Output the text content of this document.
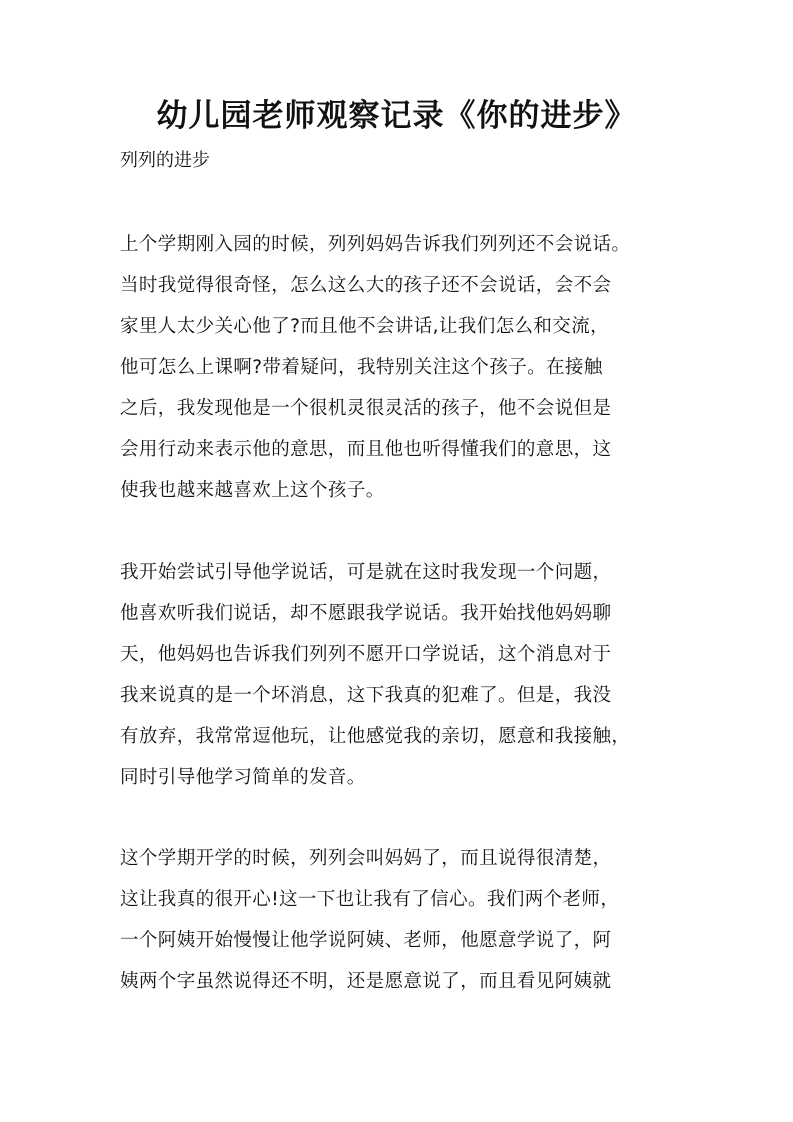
幼儿园老师观察记录《你的进步》
列列的进步
上个学期刚入园的时候，列列妈妈告诉我们列列还不会说话。
当时我觉得很奇怪，怎么这么大的孩子还不会说话，会不会
家里人太少关心他了?而且他不会讲话,让我们怎么和交流，
他可怎么上课啊?带着疑问，我特别关注这个孩子。在接触
之后，我发现他是一个很机灵很灵活的孩子，他不会说但是
会用行动来表示他的意思，而且他也听得懂我们的意思，这
使我也越来越喜欢上这个孩子。
我开始尝试引导他学说话，可是就在这时我发现一个问题，
他喜欢听我们说话，却不愿跟我学说话。我开始找他妈妈聊
天，他妈妈也告诉我们列列不愿开口学说话，这个消息对于
我来说真的是一个坏消息，这下我真的犯难了。但是，我没
有放弃，我常常逗他玩，让他感觉我的亲切，愿意和我接触，
同时引导他学习简单的发音。
这个学期开学的时候，列列会叫妈妈了，而且说得很清楚，
这让我真的很开心!这一下也让我有了信心。我们两个老师，
一个阿姨开始慢慢让他学说阿姨、老师，他愿意学说了，阿
姨两个字虽然说得还不明，还是愿意说了，而且看见阿姨就
